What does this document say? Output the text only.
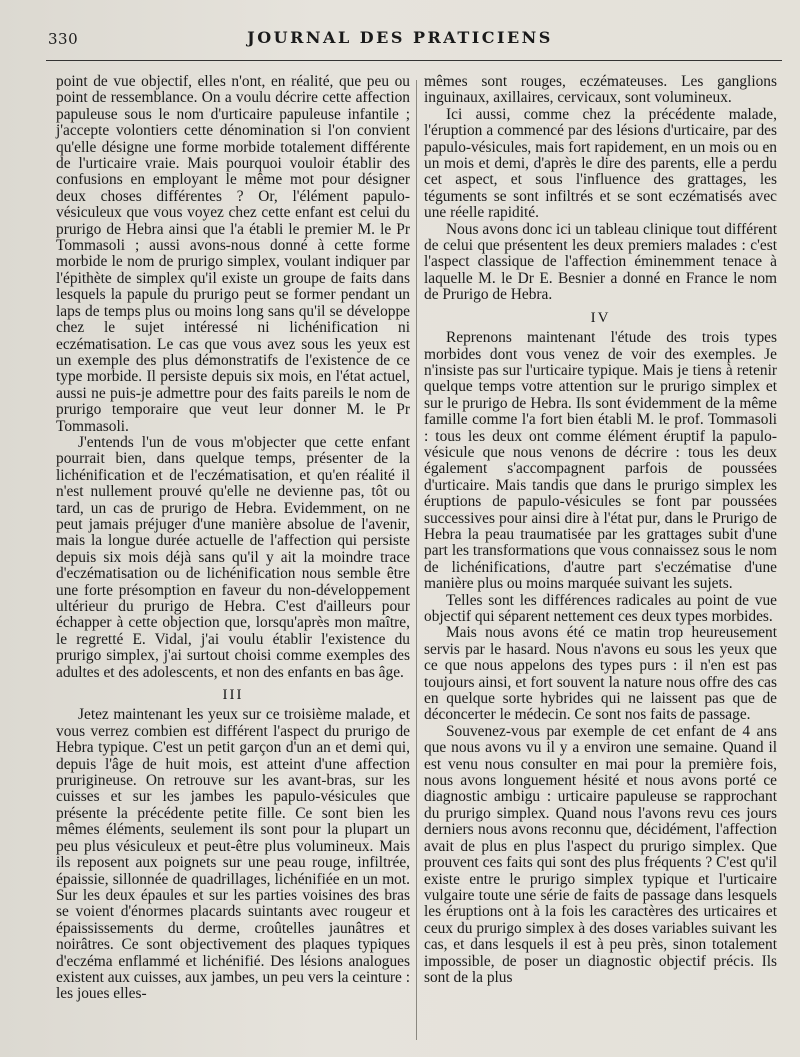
330	JOURNAL DES PRATICIENS

point de vue objectif, elles n'ont, en réalité, que peu ou point de ressemblance. On a voulu décrire cette affection papuleuse sous le nom d'urticaire papuleuse infantile ; j'accepte volontiers cette dénomination si l'on convient qu'elle désigne une forme morbide totalement différente de l'urticaire vraie. Mais pourquoi vouloir établir des confusions en employant le même mot pour désigner deux choses différentes ? Or, l'élément papulo-vésiculeux que vous voyez chez cette enfant est celui du prurigo de Hebra ainsi que l'a établi le premier M. le Pr Tommasoli ; aussi avons-nous donné à cette forme morbide le nom de prurigo simplex, voulant indiquer par l'épithète de simplex qu'il existe un groupe de faits dans lesquels la papule du prurigo peut se former pendant un laps de temps plus ou moins long sans qu'il se développe chez le sujet intéressé ni lichénification ni eczématisation. Le cas que vous avez sous les yeux est un exemple des plus démonstratifs de l'existence de ce type morbide. Il persiste depuis six mois, en l'état actuel, aussi ne puis-je admettre pour des faits pareils le nom de prurigo temporaire que veut leur donner M. le Pr Tommasoli.

J'entends l'un de vous m'objecter que cette enfant pourrait bien, dans quelque temps, présenter de la lichénification et de l'eczématisation, et qu'en réalité il n'est nullement prouvé qu'elle ne devienne pas, tôt ou tard, un cas de prurigo de Hebra. Evidemment, on ne peut jamais préjuger d'une manière absolue de l'avenir, mais la longue durée actuelle de l'affection qui persiste depuis six mois déjà sans qu'il y ait la moindre trace d'eczématisation ou de lichénification nous semble être une forte présomption en faveur du non-développement ultérieur du prurigo de Hebra. C'est d'ailleurs pour échapper à cette objection que, lorsqu'après mon maître, le regretté E. Vidal, j'ai voulu établir l'existence du prurigo simplex, j'ai surtout choisi comme exemples des adultes et des adolescents, et non des enfants en bas âge.

III

Jetez maintenant les yeux sur ce troisième malade, et vous verrez combien est différent l'aspect du prurigo de Hebra typique. C'est un petit garçon d'un an et demi qui, depuis l'âge de huit mois, est atteint d'une affection prurigineuse. On retrouve sur les avant-bras, sur les cuisses et sur les jambes les papulo-vésicules que présente la précédente petite fille. Ce sont bien les mêmes éléments, seulement ils sont pour la plupart un peu plus vésiculeux et peut-être plus volumineux. Mais ils reposent aux poignets sur une peau rouge, infiltrée, épaissie, sillonnée de quadrillages, lichénifiée en un mot. Sur les deux épaules et sur les parties voisines des bras se voient d'énormes placards suintants avec rougeur et épaississements du derme, croûtelles jaunâtres et noirâtres. Ce sont objectivement des plaques typiques d'eczéma enflammé et lichénifié. Des lésions analogues existent aux cuisses, aux jambes, un peu vers la ceinture : les joues elles-

mêmes sont rouges, eczémateuses. Les ganglions inguinaux, axillaires, cervicaux, sont volumineux.

Ici aussi, comme chez la précédente malade, l'éruption a commencé par des lésions d'urticaire, par des papulo-vésicules, mais fort rapidement, en un mois ou en un mois et demi, d'après le dire des parents, elle a perdu cet aspect, et sous l'influence des grattages, les téguments se sont infiltrés et se sont eczématisés avec une réelle rapidité.

Nous avons donc ici un tableau clinique tout différent de celui que présentent les deux premiers malades : c'est l'aspect classique de l'affection éminemment tenace à laquelle M. le Dr E. Besnier a donné en France le nom de Prurigo de Hebra.

IV

Reprenons maintenant l'étude des trois types morbides dont vous venez de voir des exemples. Je n'insiste pas sur l'urticaire typique. Mais je tiens à retenir quelque temps votre attention sur le prurigo simplex et sur le prurigo de Hebra. Ils sont évidemment de la même famille comme l'a fort bien établi M. le prof. Tommasoli : tous les deux ont comme élément éruptif la papulo-vésicule que nous venons de décrire : tous les deux également s'accompagnent parfois de poussées d'urticaire. Mais tandis que dans le prurigo simplex les éruptions de papulo-vésicules se font par poussées successives pour ainsi dire à l'état pur, dans le Prurigo de Hebra la peau traumatisée par les grattages subit d'une part les transformations que vous connaissez sous le nom de lichénifications, d'autre part s'eczématise d'une manière plus ou moins marquée suivant les sujets.

Telles sont les différences radicales au point de vue objectif qui séparent nettement ces deux types morbides.

Mais nous avons été ce matin trop heureusement servis par le hasard. Nous n'avons eu sous les yeux que ce que nous appelons des types purs : il n'en est pas toujours ainsi, et fort souvent la nature nous offre des cas en quelque sorte hybrides qui ne laissent pas que de déconcerter le médecin. Ce sont nos faits de passage.

Souvenez-vous par exemple de cet enfant de 4 ans que nous avons vu il y a environ une semaine. Quand il est venu nous consulter en mai pour la première fois, nous avons longuement hésité et nous avons porté ce diagnostic ambigu : urticaire papuleuse se rapprochant du prurigo simplex. Quand nous l'avons revu ces jours derniers nous avons reconnu que, décidément, l'affection avait de plus en plus l'aspect du prurigo simplex. Que prouvent ces faits qui sont des plus fréquents ? C'est qu'il existe entre le prurigo simplex typique et l'urticaire vulgaire toute une série de faits de passage dans lesquels les éruptions ont à la fois les caractères des urticaires et ceux du prurigo simplex à des doses variables suivant les cas, et dans lesquels il est à peu près, sinon totalement impossible, de poser un diagnostic objectif précis. Ils sont de la plus
